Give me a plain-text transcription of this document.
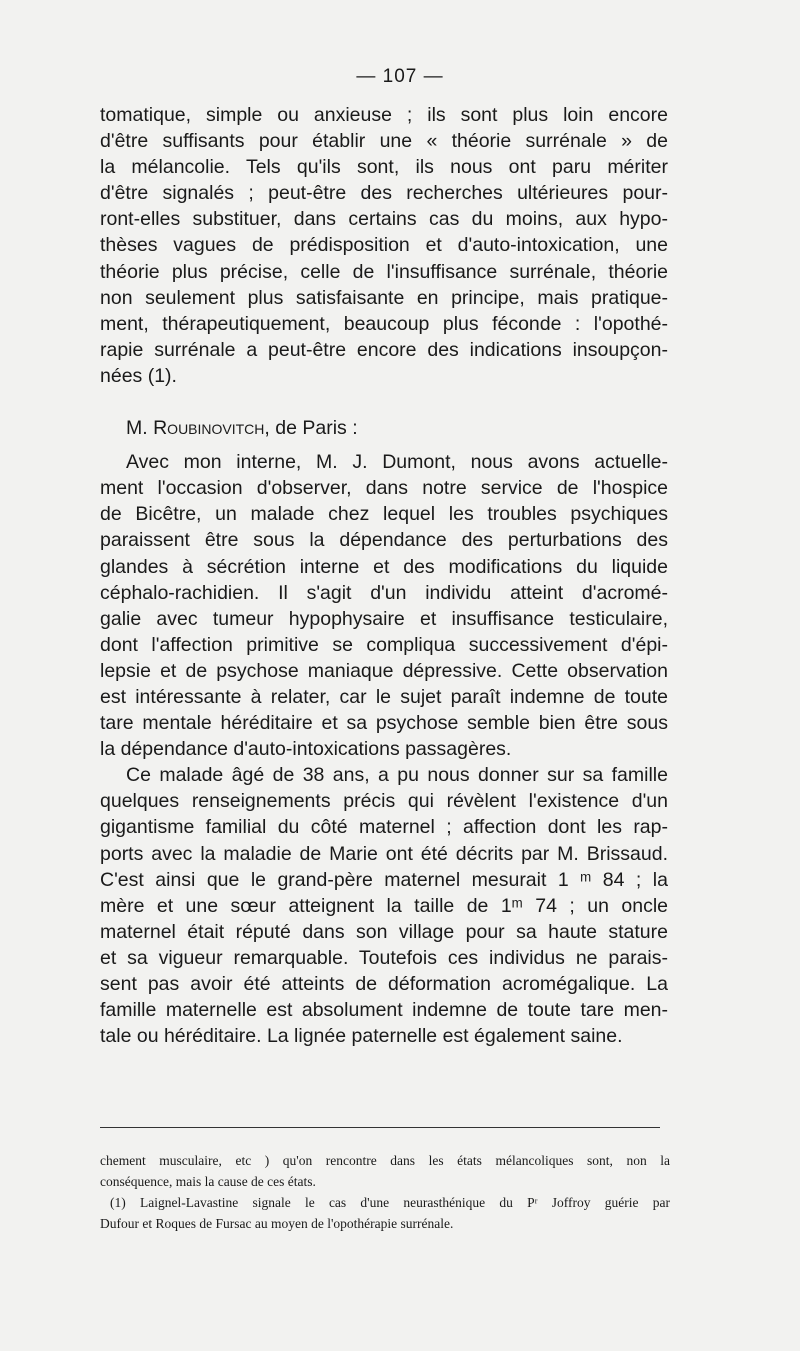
— 107 —

tomatique, simple ou anxieuse ; ils sont plus loin encore
d'être suffisants pour établir une « théorie surrénale » de
la mélancolie. Tels qu'ils sont, ils nous ont paru mériter
d'être signalés ; peut-être des recherches ultérieures pour-
ront-elles substituer, dans certains cas du moins, aux hypo-
thèses vagues de prédisposition et d'auto-intoxication, une
théorie plus précise, celle de l'insuffisance surrénale, théorie
non seulement plus satisfaisante en principe, mais pratique-
ment, thérapeutiquement, beaucoup plus féconde : l'opothé-
rapie surrénale a peut-être encore des indications insoupçon-
nées (1).

M. Roubinovitch, de Paris :

Avec mon interne, M. J. Dumont, nous avons actuelle-
ment l'occasion d'observer, dans notre service de l'hospice
de Bicêtre, un malade chez lequel les troubles psychiques
paraissent être sous la dépendance des perturbations des
glandes à sécrétion interne et des modifications du liquide
céphalo-rachidien. Il s'agit d'un individu atteint d'acromé-
galie avec tumeur hypophysaire et insuffisance testiculaire,
dont l'affection primitive se compliqua successivement d'épi-
lepsie et de psychose maniaque dépressive. Cette observation
est intéressante à relater, car le sujet paraît indemne de toute
tare mentale héréditaire et sa psychose semble bien être sous
la dépendance d'auto-intoxications passagères.

Ce malade âgé de 38 ans, a pu nous donner sur sa famille
quelques renseignements précis qui révèlent l'existence d'un
gigantisme familial du côté maternel ; affection dont les rap-
ports avec la maladie de Marie ont été décrits par M. Brissaud.
C'est ainsi que le grand-père maternel mesurait 1 ᵐ 84 ; la
mère et une sœur atteignent la taille de 1ᵐ 74 ; un oncle
maternel était réputé dans son village pour sa haute stature
et sa vigueur remarquable. Toutefois ces individus ne parais-
sent pas avoir été atteints de déformation acromégalique. La
famille maternelle est absolument indemne de toute tare men-
tale ou héréditaire. La lignée paternelle est également saine.

chement musculaire, etc ) qu'on rencontre dans les états mélancoliques sont, non la
conséquence, mais la cause de ces états.
(1) Laignel-Lavastine signale le cas d'une neurasthénique du Pʳ Joffroy guérie par
Dufour et Roques de Fursac au moyen de l'opothérapie surrénale.
